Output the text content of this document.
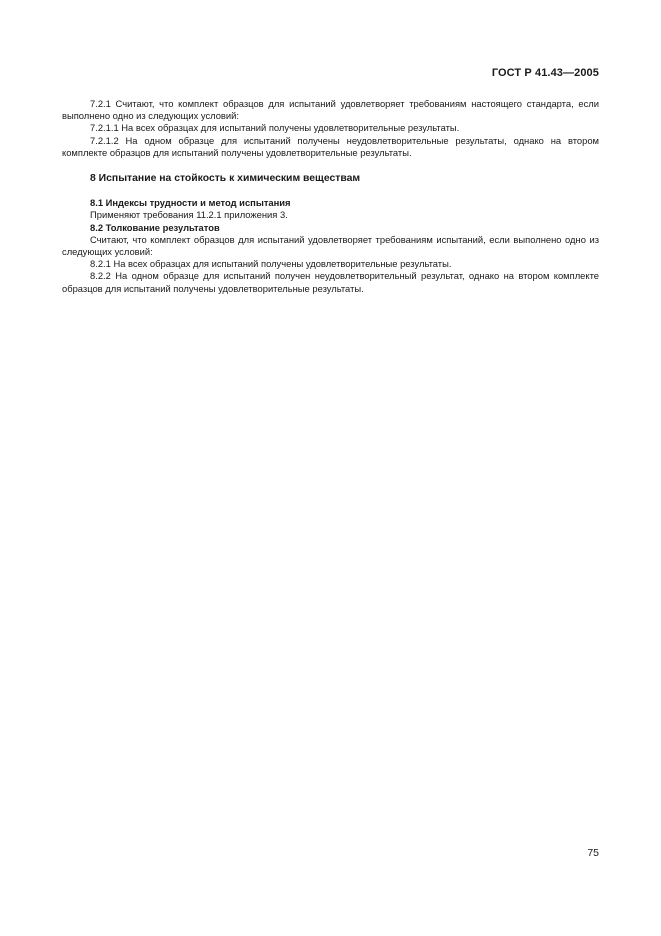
ГОСТ Р 41.43—2005

7.2.1 Считают, что комплект образцов для испытаний удовлетворяет требованиям настоящего стандарта, если выполнено одно из следующих условий:

7.2.1.1 На всех образцах для испытаний получены удовлетворительные результаты.

7.2.1.2 На одном образце для испытаний получены неудовлетворительные результаты, однако на втором комплекте образцов для испытаний получены удовлетворительные результаты.

8 Испытание на стойкость к химическим веществам

8.1 Индексы трудности и метод испытания

Применяют требования 11.2.1 приложения 3.

8.2 Толкование результатов

Считают, что комплект образцов для испытаний удовлетворяет требованиям испытаний, если выполнено одно из следующих условий:

8.2.1 На всех образцах для испытаний получены удовлетворительные результаты.

8.2.2 На одном образце для испытаний получен неудовлетворительный результат, однако на втором комплекте образцов для испытаний получены удовлетворительные результаты.

75
